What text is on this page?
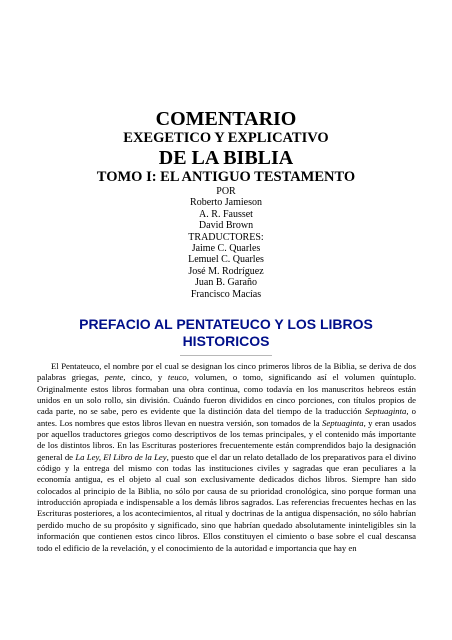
COMENTARIO
EXEGETICO Y EXPLICATIVO
DE LA BIBLIA
TOMO I: EL ANTIGUO TESTAMENTO
POR
Roberto Jamieson
A. R. Fausset
David Brown
TRADUCTORES:
Jaime C. Quarles
Lemuel C. Quarles
José M. Rodríguez
Juan B. Garaño
Francisco Macías
PREFACIO AL PENTATEUCO Y LOS LIBROS
HISTORICOS

El Pentateuco, el nombre por el cual se designan los cinco primeros libros de la Biblia, se deriva de dos palabras griegas, pente, cinco, y teuco, volumen, o tomo, significando así el volumen quíntuplo. Originalmente estos libros formaban una obra continua, como todavía en los manuscritos hebreos están unidos en un solo rollo, sin división. Cuándo fueron divididos en cinco porciones, con títulos propios de cada parte, no se sabe, pero es evidente que la distinción data del tiempo de la traducción Septuaginta, o antes. Los nombres que estos libros llevan en nuestra versión, son tomados de la Septuaginta, y eran usados por aquellos traductores griegos como descriptivos de los temas principales, y el contenido más importante de los distintos libros. En las Escrituras posteriores frecuentemente están comprendidos bajo la designación general de La Ley, El Libro de la Ley, puesto que el dar un relato detallado de los preparativos para el divino código y la entrega del mismo con todas las instituciones civiles y sagradas que eran peculiares a la economía antigua, es el objeto al cual son exclusivamente dedicados dichos libros. Siempre han sido colocados al principio de la Biblia, no sólo por causa de su prioridad cronológica, sino porque forman una introducción apropiada e indispensable a los demás libros sagrados. Las referencias frecuentes hechas en las Escrituras posteriores, a los acontecimientos, al ritual y doctrinas de la antigua dispensación, no sólo habrían perdido mucho de su propósito y significado, sino que habrían quedado absolutamente ininteligibles sin la información que contienen estos cinco libros. Ellos constituyen el cimiento o base sobre el cual descansa todo el edificio de la revelación, y el conocimiento de la autoridad e importancia que hay en
